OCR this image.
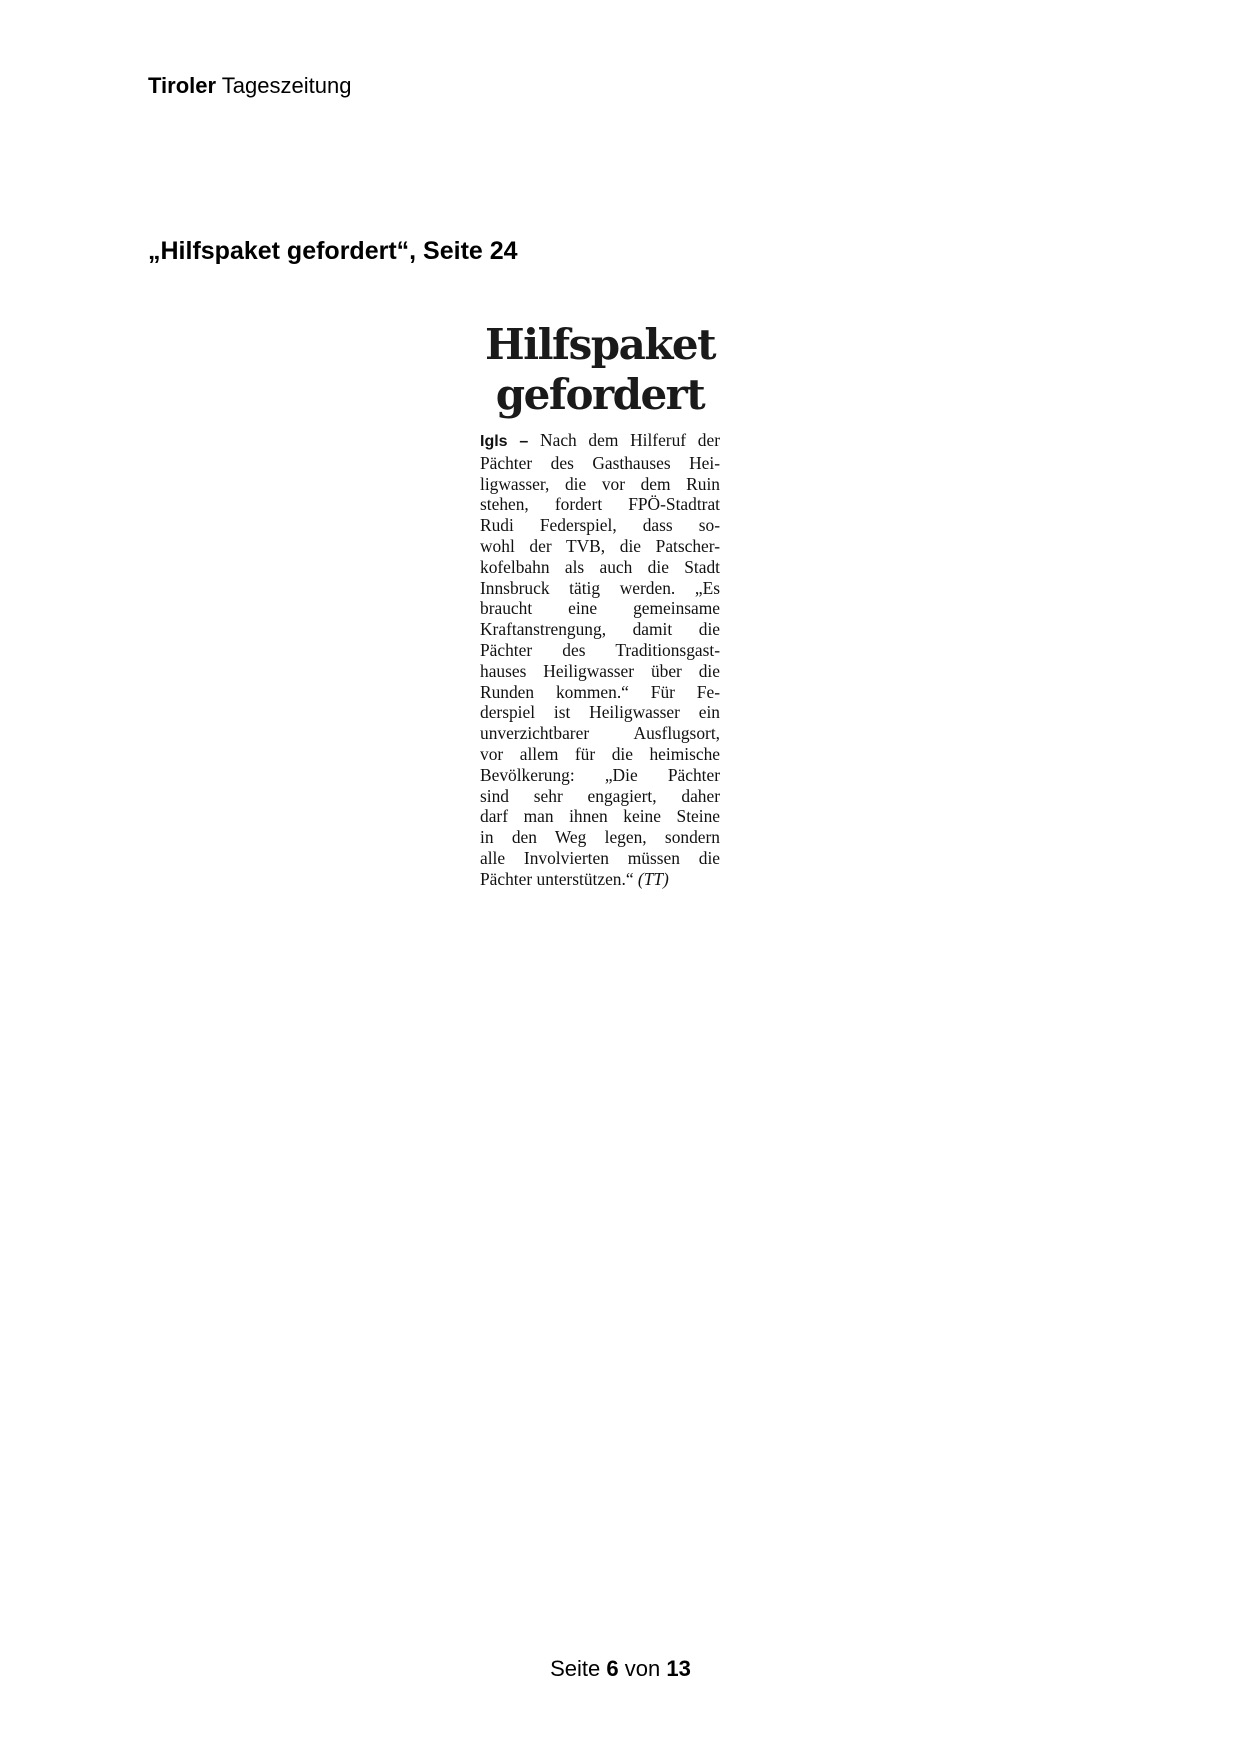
Tiroler Tageszeitung
„Hilfspaket gefordert“, Seite 24
Hilfspaket
gefordert
Igls – Nach dem Hilferuf der
Pächter des Gasthauses Hei-
ligwasser, die vor dem Ruin
stehen, fordert FPÖ-Stadtrat
Rudi Federspiel, dass so-
wohl der TVB, die Patscher-
kofelbahn als auch die Stadt
Innsbruck tätig werden. „Es
braucht eine gemeinsame
Kraftanstrengung, damit die
Pächter des Traditionsgast-
hauses Heiligwasser über die
Runden kommen.“ Für Fe-
derspiel ist Heiligwasser ein
unverzichtbarer Ausflugsort,
vor allem für die heimische
Bevölkerung: „Die Pächter
sind sehr engagiert, daher
darf man ihnen keine Steine
in den Weg legen, sondern
alle Involvierten müssen die
Pächter unterstützen.“ (TT)
Seite 6 von 13
